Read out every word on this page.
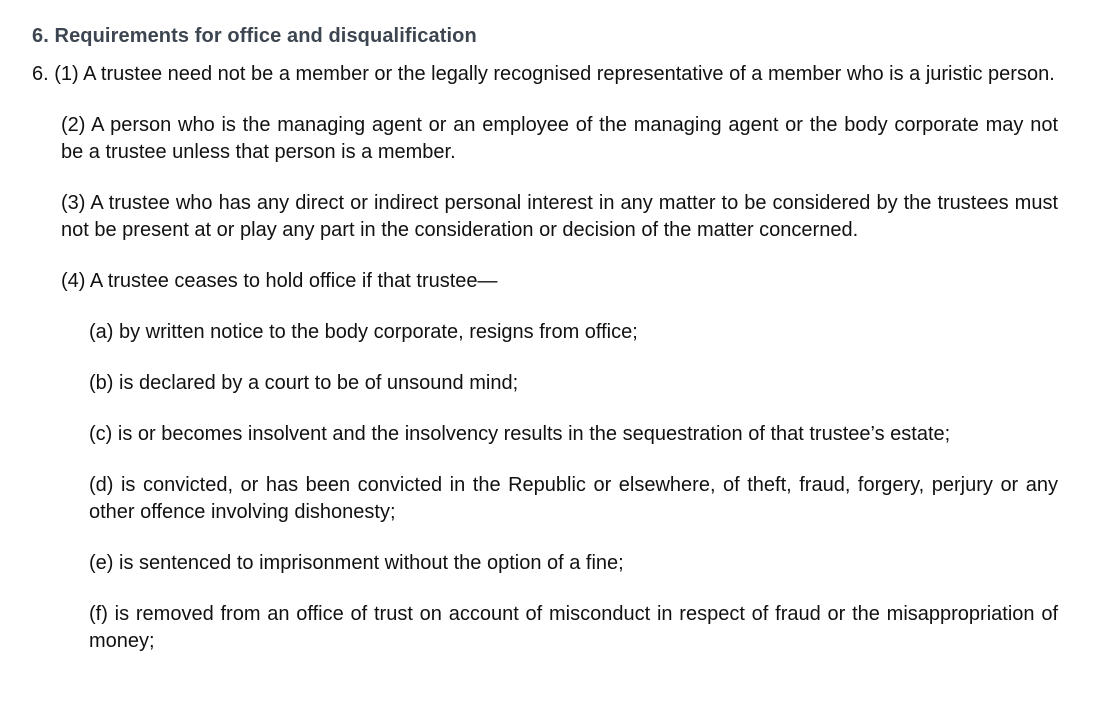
6. Requirements for office and disqualification

6. (1) A trustee need not be a member or the legally recognised representative of a member who is a juristic person.

(2) A person who is the managing agent or an employee of the managing agent or the body corporate may not be a trustee unless that person is a member.

(3) A trustee who has any direct or indirect personal interest in any matter to be considered by the trustees must not be present at or play any part in the consideration or decision of the matter concerned.

(4) A trustee ceases to hold office if that trustee—

(a) by written notice to the body corporate, resigns from office;

(b) is declared by a court to be of unsound mind;

(c) is or becomes insolvent and the insolvency results in the sequestration of that trustee’s estate;

(d) is convicted, or has been convicted in the Republic or elsewhere, of theft, fraud, forgery, perjury or any other offence involving dishonesty;

(e) is sentenced to imprisonment without the option of a fine;

(f) is removed from an office of trust on account of misconduct in respect of fraud or the misappropriation of money;
